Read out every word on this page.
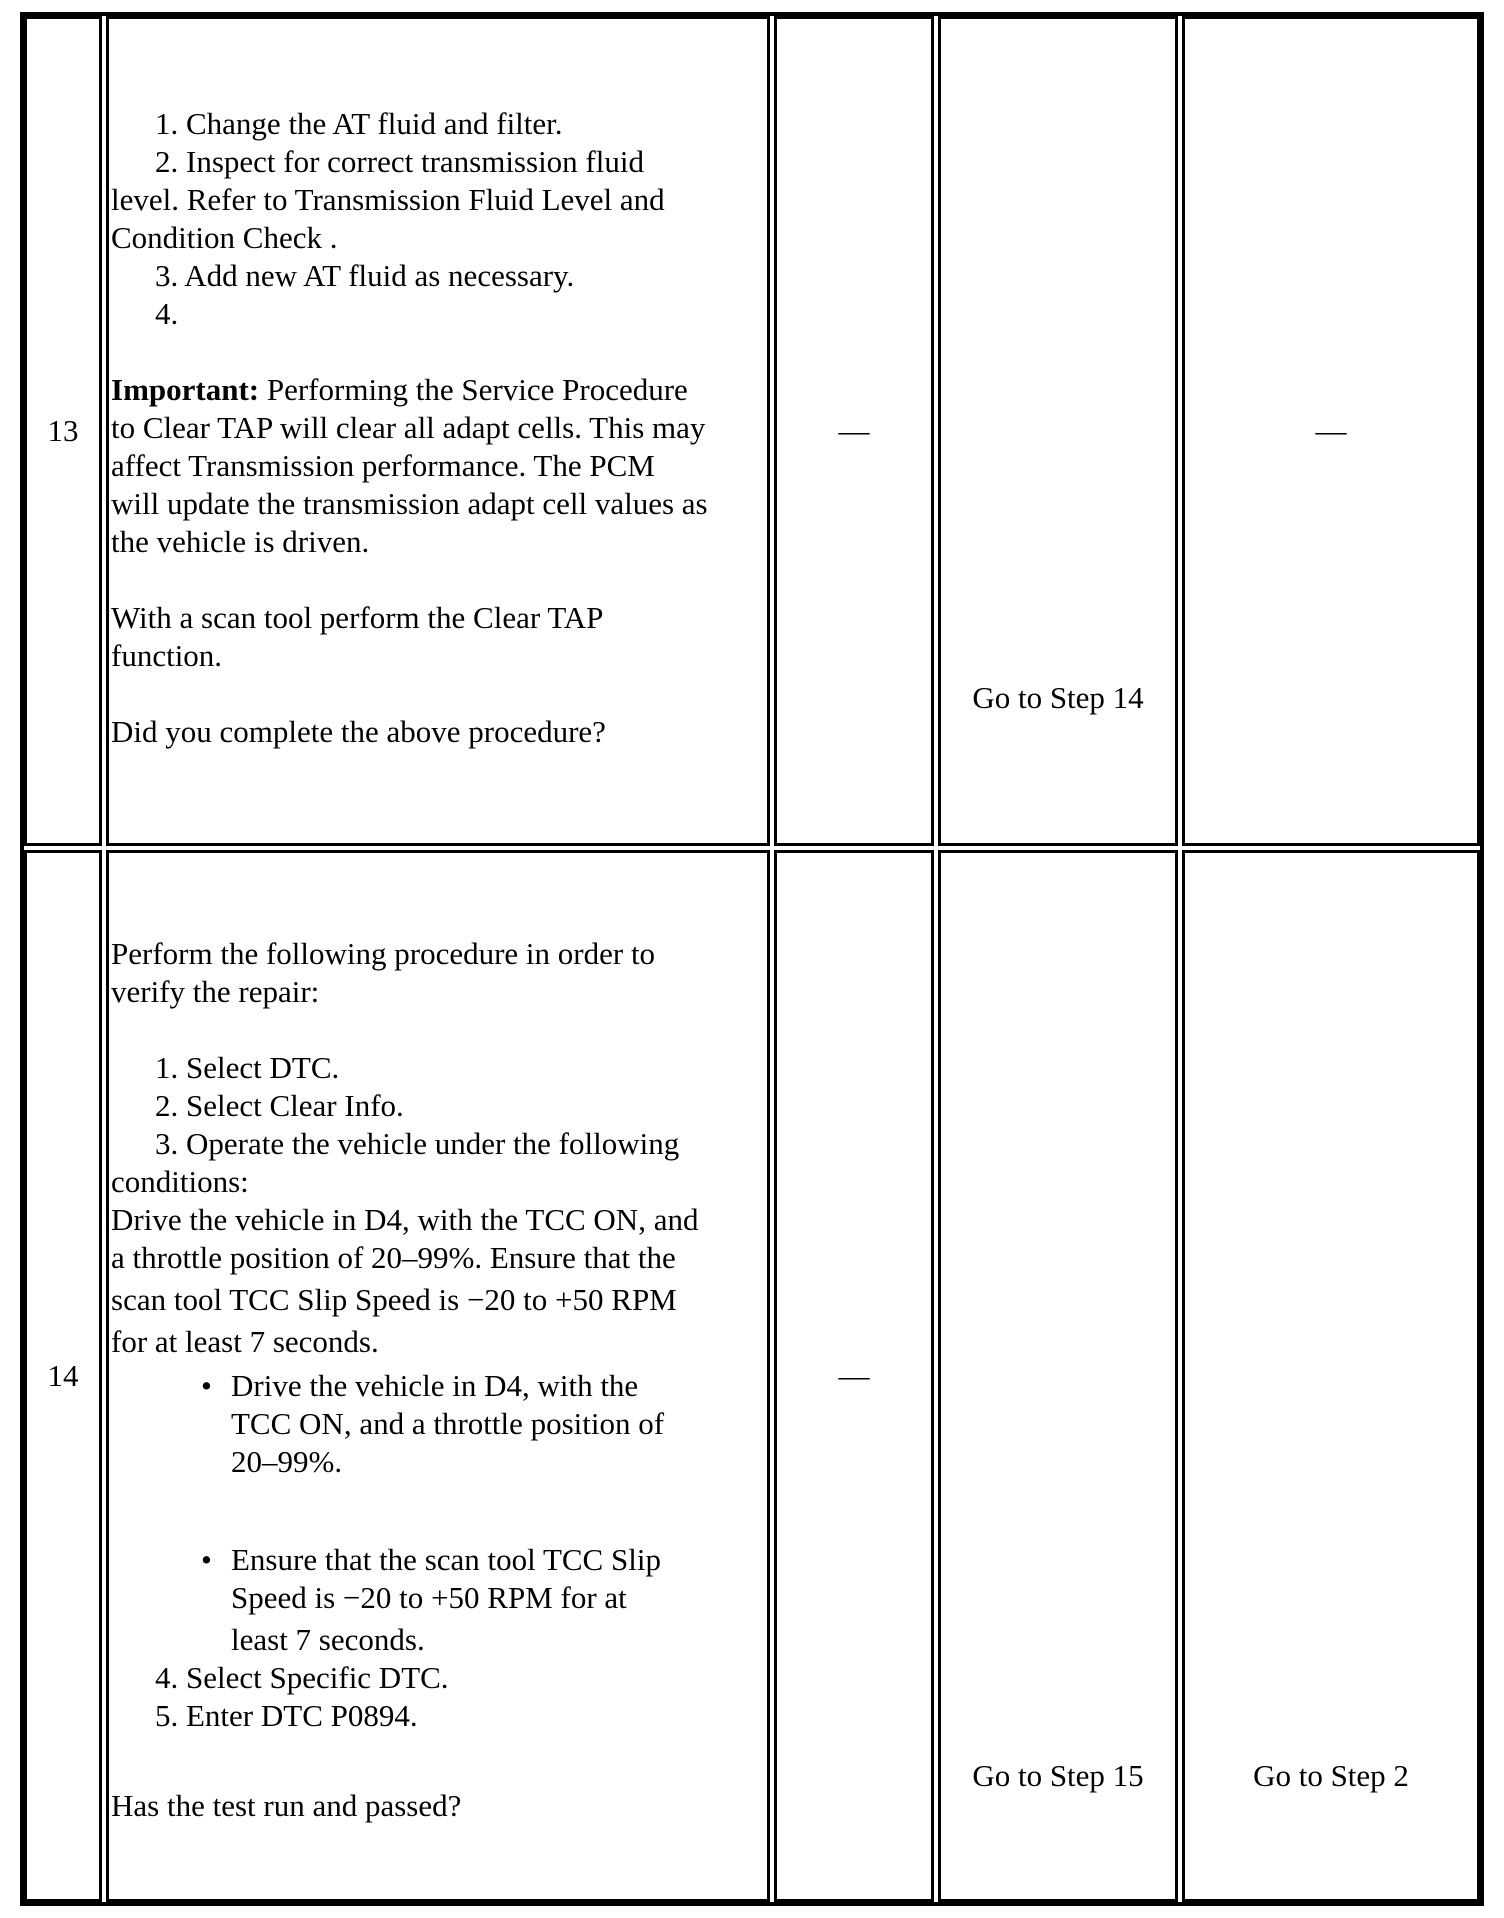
13
1. Change the AT fluid and filter.
2. Inspect for correct transmission fluid
level. Refer to Transmission Fluid Level and
Condition Check .
3. Add new AT fluid as necessary.
4.
Important: Performing the Service Procedure
to Clear TAP will clear all adapt cells. This may
affect Transmission performance. The PCM
will update the transmission adapt cell values as
the vehicle is driven.
With a scan tool perform the Clear TAP
function.
Did you complete the above procedure?
—
Go to Step 14
—
14
Perform the following procedure in order to
verify the repair:
1. Select DTC.
2. Select Clear Info.
3. Operate the vehicle under the following
conditions:
Drive the vehicle in D4, with the TCC ON, and
a throttle position of 20–99%. Ensure that the
scan tool TCC Slip Speed is −20 to +50 RPM
for at least 7 seconds.
• Drive the vehicle in D4, with the
TCC ON, and a throttle position of
20–99%.
• Ensure that the scan tool TCC Slip
Speed is −20 to +50 RPM for at
least 7 seconds.
4. Select Specific DTC.
5. Enter DTC P0894.
Has the test run and passed?
—
Go to Step 15	Go to Step 2
